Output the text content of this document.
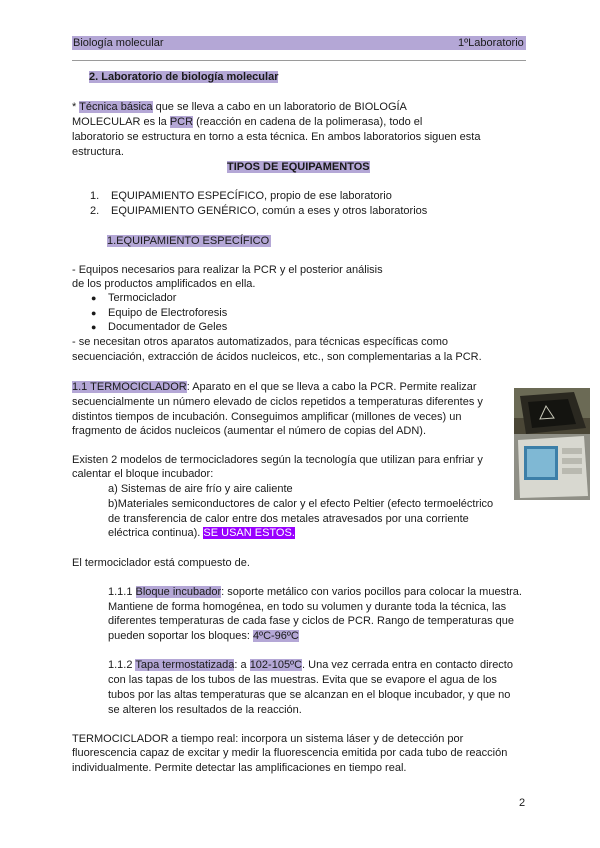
Biología molecular	1ºLaboratorio
2. Laboratorio de biología molecular
* Técnica básica que se lleva a cabo en un laboratorio de BIOLOGÍA
MOLECULAR es la PCR (reacción en cadena de la polimerasa), todo el
laboratorio se estructura en torno a esta técnica. En ambos laboratorios siguen esta
estructura.
TIPOS DE EQUIPAMENTOS
1. EQUIPAMIENTO ESPECÍFICO, propio de ese laboratorio
2. EQUIPAMIENTO GENÉRICO, común a eses y otros laboratorios
1.EQUIPAMIENTO ESPECÍFICO
- Equipos necesarios para realizar la PCR y el posterior análisis
de los productos amplificados en ella.
● Termociclador
● Equipo de Electroforesis
● Documentador de Geles
- se necesitan otros aparatos automatizados, para técnicas específicas como
secuenciación, extracción de ácidos nucleicos, etc., son complementarias a la PCR.
1.1 TERMOCICLADOR: Aparato en el que se lleva a cabo la PCR. Permite realizar
secuencialmente un número elevado de ciclos repetidos a temperaturas diferentes y
distintos tiempos de incubación. Conseguimos amplificar (millones de veces) un
fragmento de ácidos nucleicos (aumentar el número de copias del ADN).
Existen 2 modelos de termocicladores según la tecnología que utilizan para enfriar y
calentar el bloque incubador:
a) Sistemas de aire frío y aire caliente
b)Materiales semiconductores de calor y el efecto Peltier (efecto termoeléctrico
de transferencia de calor entre dos metales atravesados por una corriente
eléctrica continua). SE USAN ESTOS.
El termociclador está compuesto de.
1.1.1 Bloque incubador: soporte metálico con varios pocillos para colocar la muestra.
Mantiene de forma homogénea, en todo su volumen y durante toda la técnica, las
diferentes temperaturas de cada fase y ciclos de PCR. Rango de temperaturas que
pueden soportar los bloques: 4ºC-96ºC
1.1.2 Tapa termostatizada: a 102-105ºC. Una vez cerrada entra en contacto directo
con las tapas de los tubos de las muestras. Evita que se evapore el agua de los
tubos por las altas temperaturas que se alcanzan en el bloque incubador, y que no
se alteren los resultados de la reacción.
TERMOCICLADOR a tiempo real: incorpora un sistema láser y de detección por
fluorescencia capaz de excitar y medir la fluorescencia emitida por cada tubo de reacción
individualmente. Permite detectar las amplificaciones en tiempo real.
2
